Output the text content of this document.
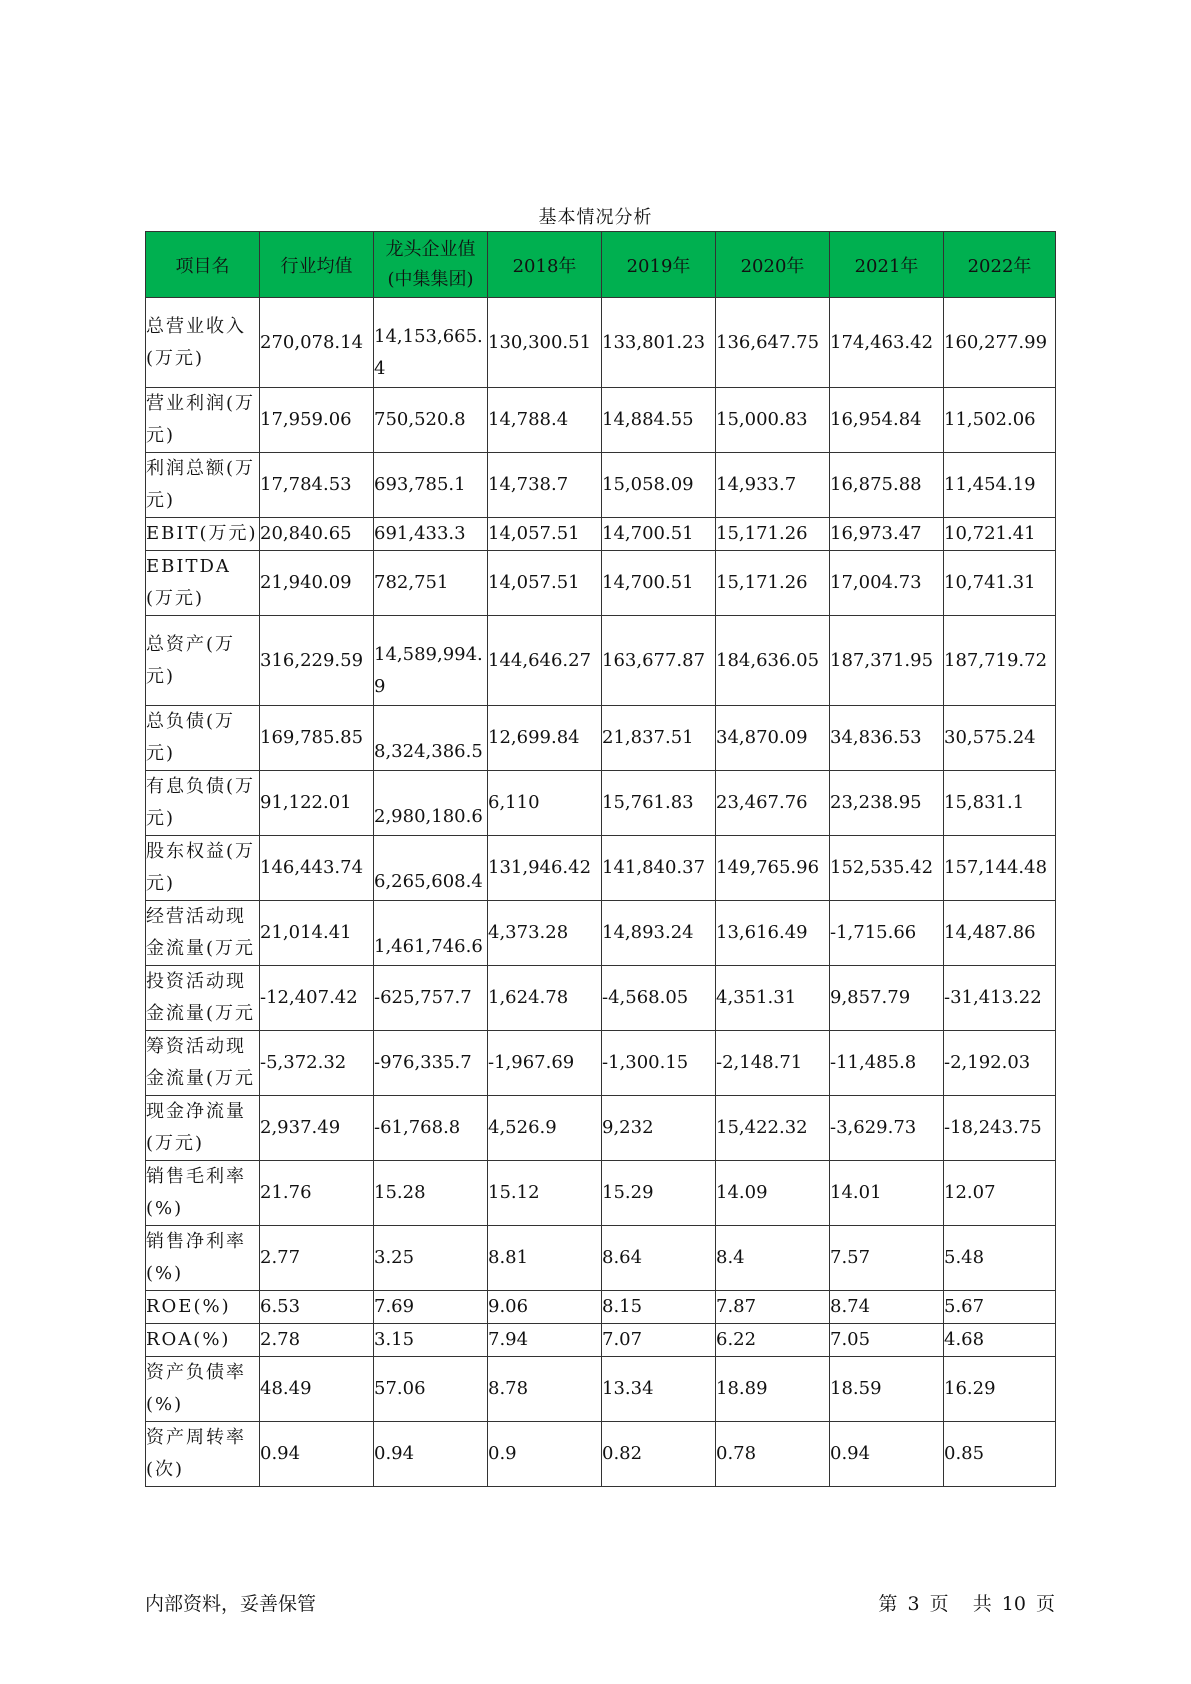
基本情况分析
项目名	行业均值	龙头企业值(中集集团)	2018年	2019年	2020年	2021年	2022年
总营业收入(万元)	270,078.14	14,153,665.4	130,300.51	133,801.23	136,647.75	174,463.42	160,277.99
营业利润(万元)	17,959.06	750,520.8	14,788.4	14,884.55	15,000.83	16,954.84	11,502.06
利润总额(万元)	17,784.53	693,785.1	14,738.7	15,058.09	14,933.7	16,875.88	11,454.19
EBIT(万元)	20,840.65	691,433.3	14,057.51	14,700.51	15,171.26	16,973.47	10,721.41
EBITDA(万元)	21,940.09	782,751	14,057.51	14,700.51	15,171.26	17,004.73	10,741.31
总资产(万元)	316,229.59	14,589,994.9	144,646.27	163,677.87	184,636.05	187,371.95	187,719.72
总负债(万元)	169,785.85	8,324,386.5	12,699.84	21,837.51	34,870.09	34,836.53	30,575.24
有息负债(万元)	91,122.01	2,980,180.6	6,110	15,761.83	23,467.76	23,238.95	15,831.1
股东权益(万元)	146,443.74	6,265,608.4	131,946.42	141,840.37	149,765.96	152,535.42	157,144.48
经营活动现金流量(万元	21,014.41	1,461,746.6	4,373.28	14,893.24	13,616.49	-1,715.66	14,487.86
投资活动现金流量(万元	-12,407.42	-625,757.7	1,624.78	-4,568.05	4,351.31	9,857.79	-31,413.22
筹资活动现金流量(万元	-5,372.32	-976,335.7	-1,967.69	-1,300.15	-2,148.71	-11,485.8	-2,192.03
现金净流量(万元)	2,937.49	-61,768.8	4,526.9	9,232	15,422.32	-3,629.73	-18,243.75
销售毛利率(%)	21.76	15.28	15.12	15.29	14.09	14.01	12.07
销售净利率(%)	2.77	3.25	8.81	8.64	8.4	7.57	5.48
ROE(%)	6.53	7.69	9.06	8.15	7.87	8.74	5.67
ROA(%)	2.78	3.15	7.94	7.07	6.22	7.05	4.68
资产负债率(%)	48.49	57.06	8.78	13.34	18.89	18.59	16.29
资产周转率(次)	0.94	0.94	0.9	0.82	0.78	0.94	0.85
内部资料，妥善保管	第 3 页 共 10 页
